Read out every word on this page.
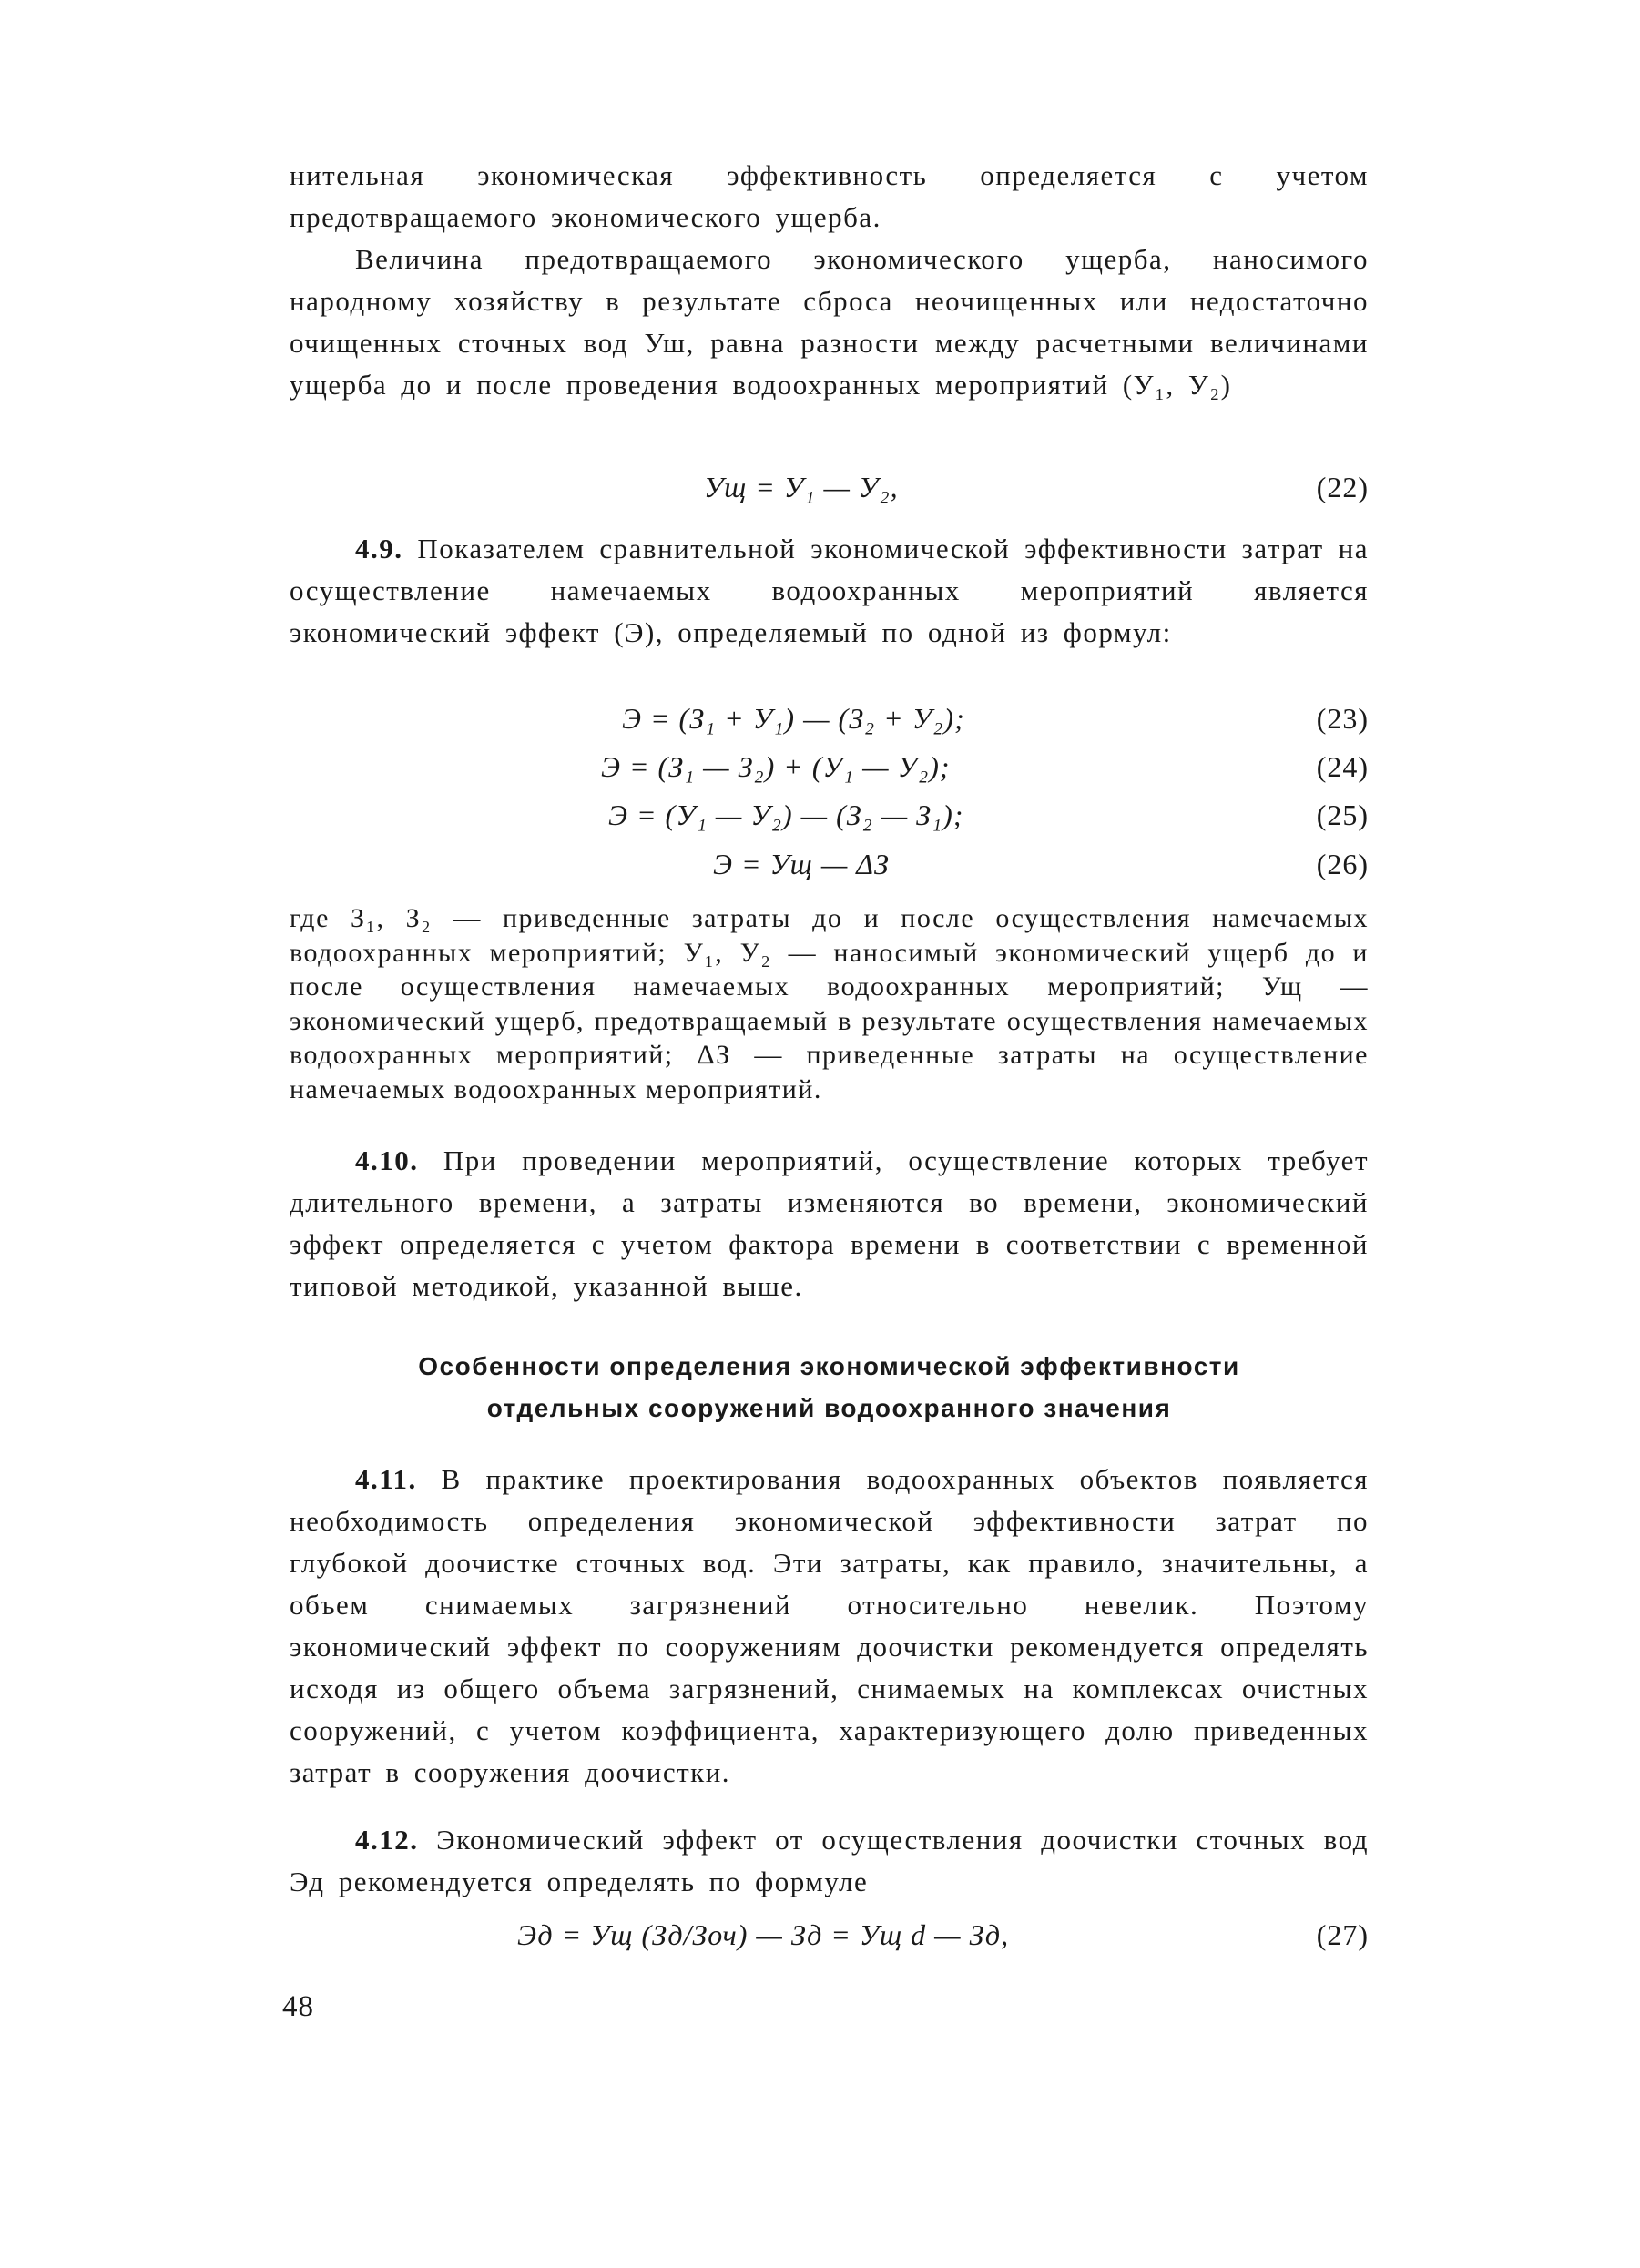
нительная экономическая эффективность определяется с учетом предотвращаемого экономического ущерба.

Величина предотвращаемого экономического ущерба, наносимого народному хозяйству в результате сброса неочищенных или недостаточно очищенных сточных вод Уш, равна разности между расчетными величинами ущерба до и после проведения водоохранных мероприятий (У₁, У₂)

Ущ = У₁ — У₂,	(22)

4.9. Показателем сравнительной экономической эффективности затрат на осуществление намечаемых водоохранных мероприятий является экономический эффект (Э), определяемый по одной из формул:

Э = (З₁ + У₁) — (З₂ + У₂);	(23)
Э = (З₁ — З₂) + (У₁ — У₂);	(24)
Э = (У₁ — У₂) — (З₂ — З₁);	(25)
Э = Ущ — ΔЗ	(26)

где З₁, З₂ — приведенные затраты до и после осуществления намечаемых водоохранных мероприятий; У₁, У₂ — наносимый экономический ущерб до и после осуществления намечаемых водоохранных мероприятий; Ущ — экономический ущерб, предотвращаемый в результате осуществления намечаемых водоохранных мероприятий; ΔЗ — приведенные затраты на осуществление намечаемых водоохранных мероприятий.

4.10. При проведении мероприятий, осуществление которых требует длительного времени, а затраты изменяются во времени, экономический эффект определяется с учетом фактора времени в соответствии с временной типовой методикой, указанной выше.

Особенности определения экономической эффективности
отдельных сооружений водоохранного значения

4.11. В практике проектирования водоохранных объектов появляется необходимость определения экономической эффективности затрат по глубокой доочистке сточных вод. Эти затраты, как правило, значительны, а объем снимаемых загрязнений относительно невелик. Поэтому экономический эффект по сооружениям доочистки рекомендуется определять исходя из общего объема загрязнений, снимаемых на комплексах очистных сооружений, с учетом коэффициента, характеризующего долю приведенных затрат в сооружения доочистки.

4.12. Экономический эффект от осуществления доочистки сточных вод Эд рекомендуется определять по формуле

Эд = Ущ (Зд/Зоч) — Зд = Ущ d — Зд,	(27)
48
